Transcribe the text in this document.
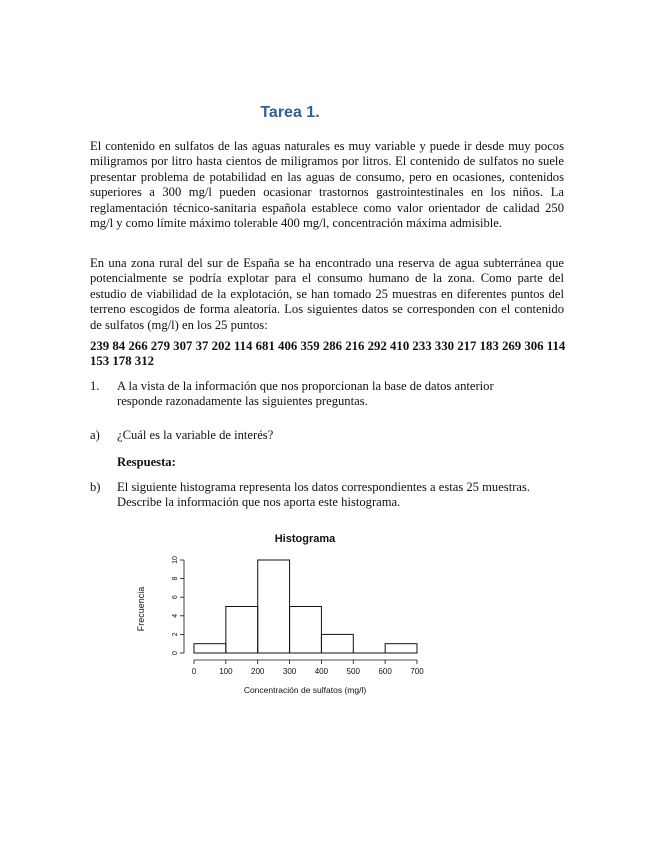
Tarea 1.
El contenido en sulfatos de las aguas naturales es muy variable y puede ir desde muy pocos miligramos por litro hasta cientos de miligramos por litros. El contenido de sulfatos no suele presentar problema de potabilidad en las aguas de consumo, pero en ocasiones, contenidos superiores a 300 mg/l pueden ocasionar trastornos gastrointestinales en los niños. La reglamentación técnico-sanitaria española establece como valor orientador de calidad 250 mg/l y como límite máximo tolerable 400 mg/l, concentración máxima admisible.
En una zona rural del sur de España se ha encontrado una reserva de agua subterránea que potencialmente se podría explotar para el consumo humano de la zona. Como parte del estudio de viabilidad de la explotación, se han tomado 25 muestras en diferentes puntos del terreno escogidos de forma aleatoria. Los siguientes datos se corresponden con el contenido de sulfatos (mg/l) en los 25 puntos:
239 84 266 279 307 37 202 114 681 406 359 286 216 292 410 233 330 217 183 269 306 114 153 178 312
1. A la vista de la información que nos proporcionan la base de datos anterior responde razonadamente las siguientes preguntas.
a) ¿Cuál es la variable de interés?
Respuesta:
b) El siguiente histograma representa los datos correspondientes a estas 25 muestras. Describe la información que nos aporta este histograma.
Histograma
Frecuencia
Concentración de sulfatos (mg/l)
0	100 200 300 400 500 600 700
0
2
4
6
8
10
